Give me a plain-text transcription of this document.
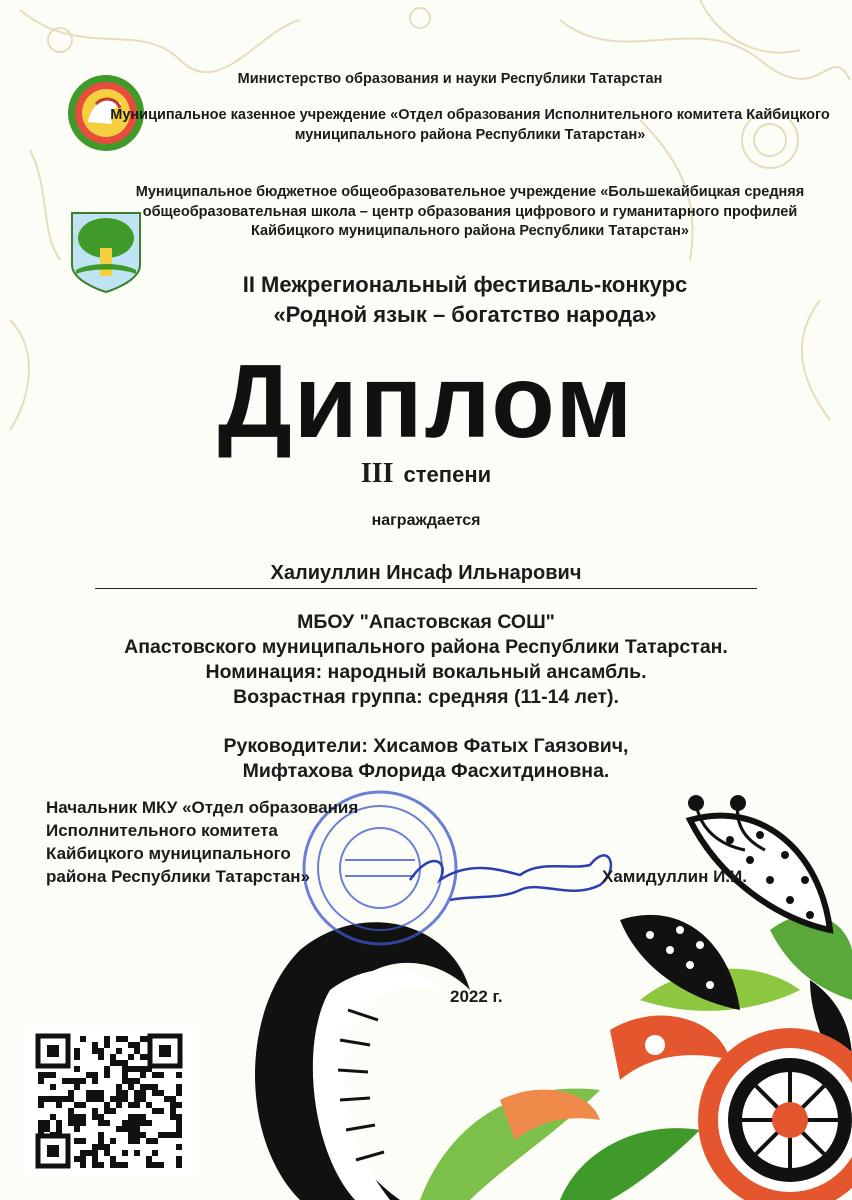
Министерство образования и науки Республики Татарстан
Муниципальное казенное учреждение «Отдел образования Исполнительного комитета Кайбицкого муниципального района Республики Татарстан»
Муниципальное бюджетное общеобразовательное учреждение «Большекайбицкая средняя общеобразовательная школа – центр образования цифрового и гуманитарного профилей Кайбицкого муниципального района Республики Татарстан»
II Межрегиональный фестиваль-конкурс
«Родной язык – богатство народа»
Диплом
III степени
награждается
Халиуллин Инсаф Ильнарович
МБОУ "Апастовская СОШ"
Апастовского муниципального района Республики Татарстан.
Номинация: народный вокальный ансамбль.
Возрастная группа: средняя (11-14 лет).
Руководители: Хисамов Фатых Гаязович,
Мифтахова Флорида Фасхитдиновна.
Начальник МКУ «Отдел образования
Исполнительного комитета
Кайбицкого муниципального
района Республики Татарстан»	Хамидуллин И.И.
2022 г.
